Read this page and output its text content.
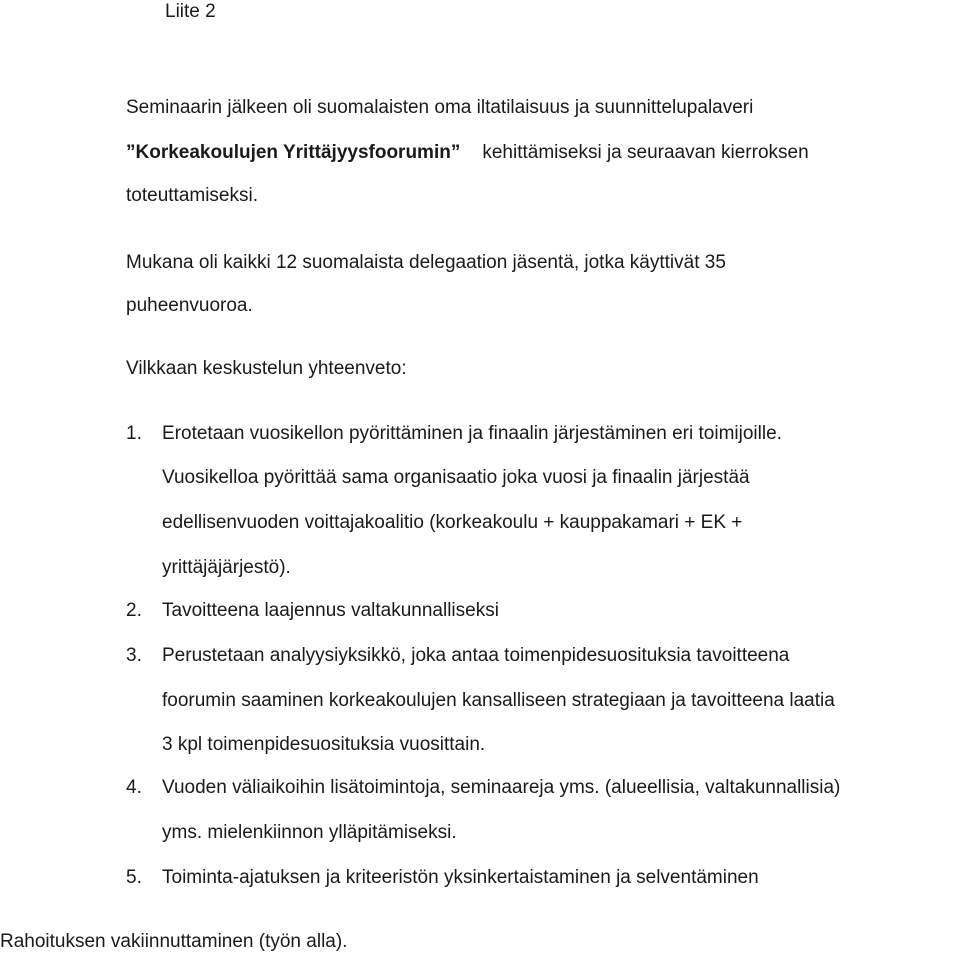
Liite 2
Seminaarin jälkeen oli suomalaisten oma iltatilaisuus ja suunnittelupalaveri
”Korkeakoulujen Yrittäjyysfoorumin” kehittämiseksi ja seuraavan kierroksen
toteuttamiseksi.
Mukana oli kaikki 12 suomalaista delegaation jäsentä, jotka käyttivät 35
puheenvuoroa.
Vilkkaan keskustelun yhteenveto:
1. Erotetaan vuosikellon pyörittäminen ja finaalin järjestäminen eri toimijoille.
Vuosikelloa pyörittää sama organisaatio joka vuosi ja finaalin järjestää
edellisenvuoden voittajakoalitio (korkeakoulu + kauppakamari + EK +
yrittäjäjärjestö).
2. Tavoitteena laajennus valtakunnalliseksi
3. Perustetaan analyysiyksikkö, joka antaa toimenpidesuosituksia tavoitteena
foorumin saaminen korkeakoulujen kansalliseen strategiaan ja tavoitteena laatia
3 kpl toimenpidesuosituksia vuosittain.
4. Vuoden väliaikoihin lisätoimintoja, seminaareja yms. (alueellisia, valtakunnallisia)
yms. mielenkiinnon ylläpitämiseksi.
5. Toiminta-ajatuksen ja kriteeristön yksinkertaistaminen ja selventäminen
Rahoituksen vakiinnuttaminen (työn alla).
